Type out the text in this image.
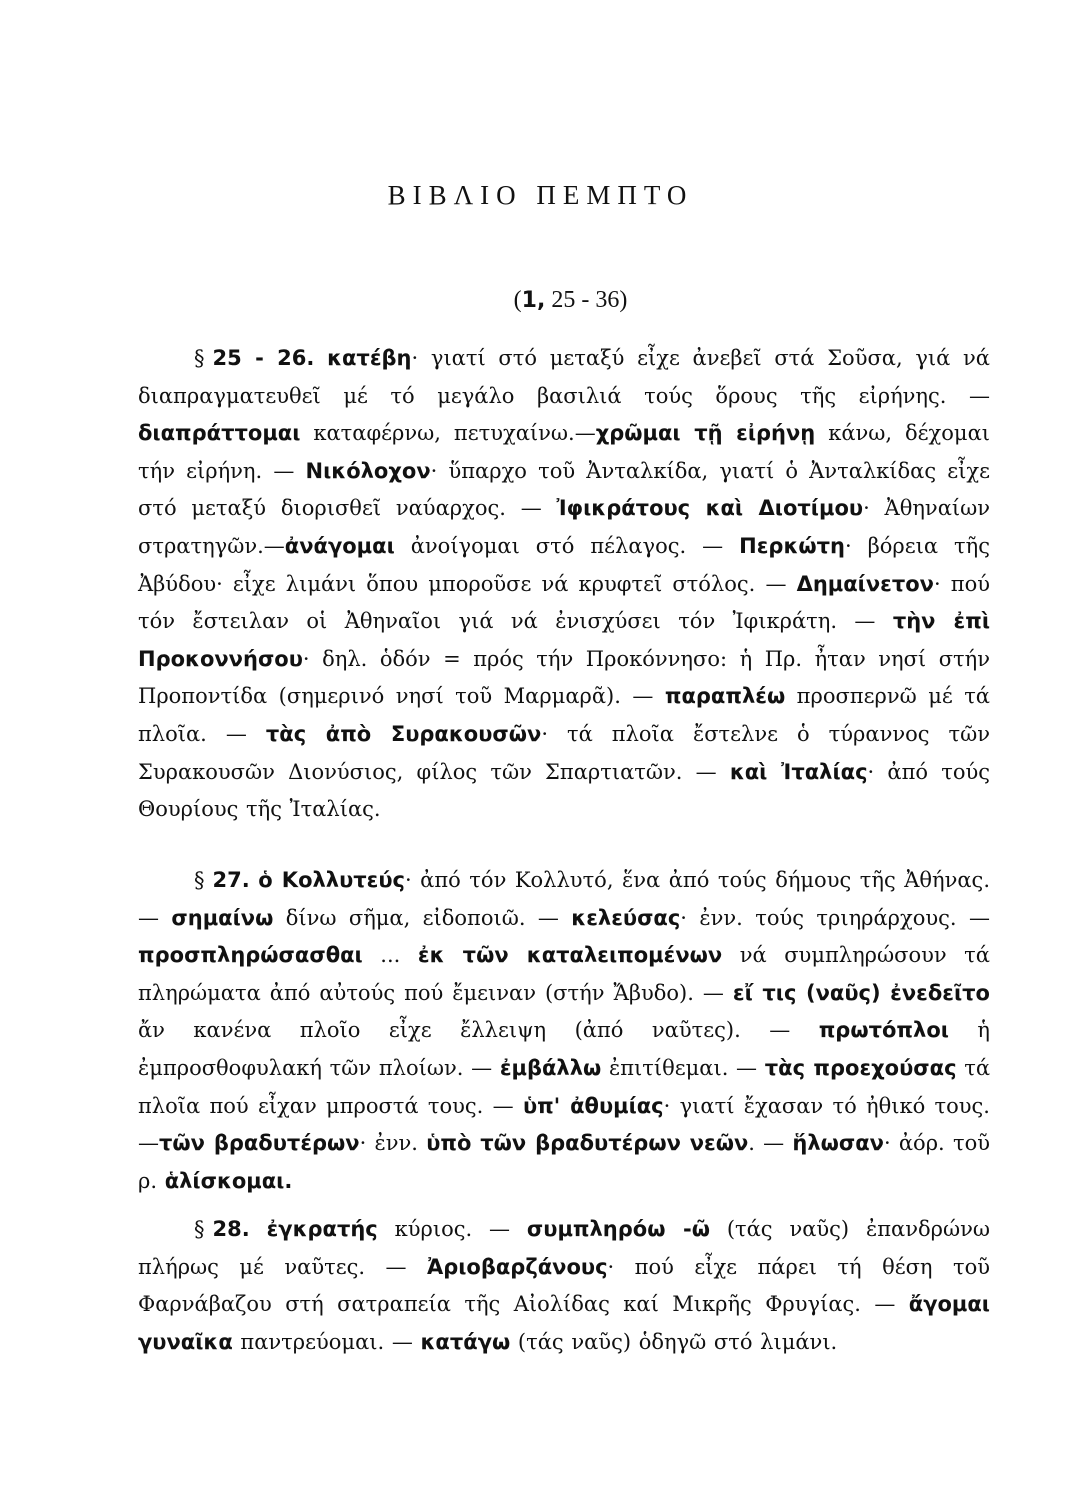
ΒΙΒΛΙΟ ΠΕΜΠΤΟ
(1, 25 - 36)

§ 25 - 26. κατέβη· γιατί στό μεταξύ εἶχε ἀνεβεῖ στά Σοῦσα, γιά νά διαπραγματευθεῖ μέ τό μεγάλο βασιλιά τούς ὅρους τῆς εἰρήνης. — διαπράττομαι καταφέρνω, πετυχαίνω.—χρῶμαι τῇ εἰρήνῃ κάνω, δέχομαι τήν εἰρήνη. — Νικόλοχον· ὕπαρχο τοῦ Ἀνταλκίδα, γιατί ὁ Ἀνταλκίδας εἶχε στό μεταξύ διορισθεῖ ναύαρχος. — Ἰφικράτους καὶ Διοτίμου· Ἀθηναίων στρατηγῶν.—ἀνάγομαι ἀνοίγομαι στό πέλαγος. — Περκώτη· βόρεια τῆς Ἀβύδου· εἶχε λιμάνι ὅπου μποροῦσε νά κρυφτεῖ στόλος. — Δημαίνετον· πού τόν ἔστειλαν οἱ Ἀθηναῖοι γιά νά ἐνισχύσει τόν Ἰφικράτη. — τὴν ἐπὶ Προκοννήσου· δηλ. ὁδόν = πρός τήν Προκόννησο: ἡ Πρ. ἦταν νησί στήν Προποντίδα (σημερινό νησί τοῦ Μαρμαρᾶ). — παραπλέω προσπερνῶ μέ τά πλοῖα. — τὰς ἀπὸ Συρακουσῶν· τά πλοῖα ἔστελνε ὁ τύραννος τῶν Συρακουσῶν Διονύσιος, φίλος τῶν Σπαρτιατῶν. — καὶ Ἰταλίας· ἀπό τούς Θουρίους τῆς Ἰταλίας.

§ 27. ὁ Κολλυτεύς· ἀπό τόν Κολλυτό, ἕνα ἀπό τούς δήμους τῆς Ἀθήνας. — σημαίνω δίνω σῆμα, εἰδοποιῶ. — κελεύσας· ἐνν. τούς τριηράρχους. — προσπληρώσασθαι ... ἐκ τῶν καταλειπομένων νά συμπληρώσουν τά πληρώματα ἀπό αὐτούς πού ἔμειναν (στήν Ἄβυδο). — εἴ τις (ναῦς) ἐνεδεῖτο ἄν κανένα πλοῖο εἶχε ἔλλειψη (ἀπό ναῦτες). — πρωτόπλοι ἡ ἐμπροσθοφυλακή τῶν πλοίων. — ἐμβάλλω ἐπιτίθεμαι. — τὰς προεχούσας τά πλοῖα πού εἶχαν μπροστά τους. — ὑπ' ἀθυμίας· γιατί ἔχασαν τό ἠθικό τους.—τῶν βραδυτέρων· ἐνν. ὑπὸ τῶν βραδυτέρων νεῶν. — ἥλωσαν· ἀόρ. τοῦ ρ. ἁλίσκομαι.

§ 28. ἐγκρατής κύριος. — συμπληρόω -ῶ (τάς ναῦς) ἐπανδρώνω πλήρως μέ ναῦτες. — Ἀριοβαρζάνους· πού εἶχε πάρει τή θέση τοῦ Φαρνάβαζου στή σατραπεία τῆς Αἰολίδας καί Μικρῆς Φρυγίας. — ἄγομαι γυναῖκα παντρεύομαι. — κατάγω (τάς ναῦς) ὁδηγῶ στό λιμάνι.
